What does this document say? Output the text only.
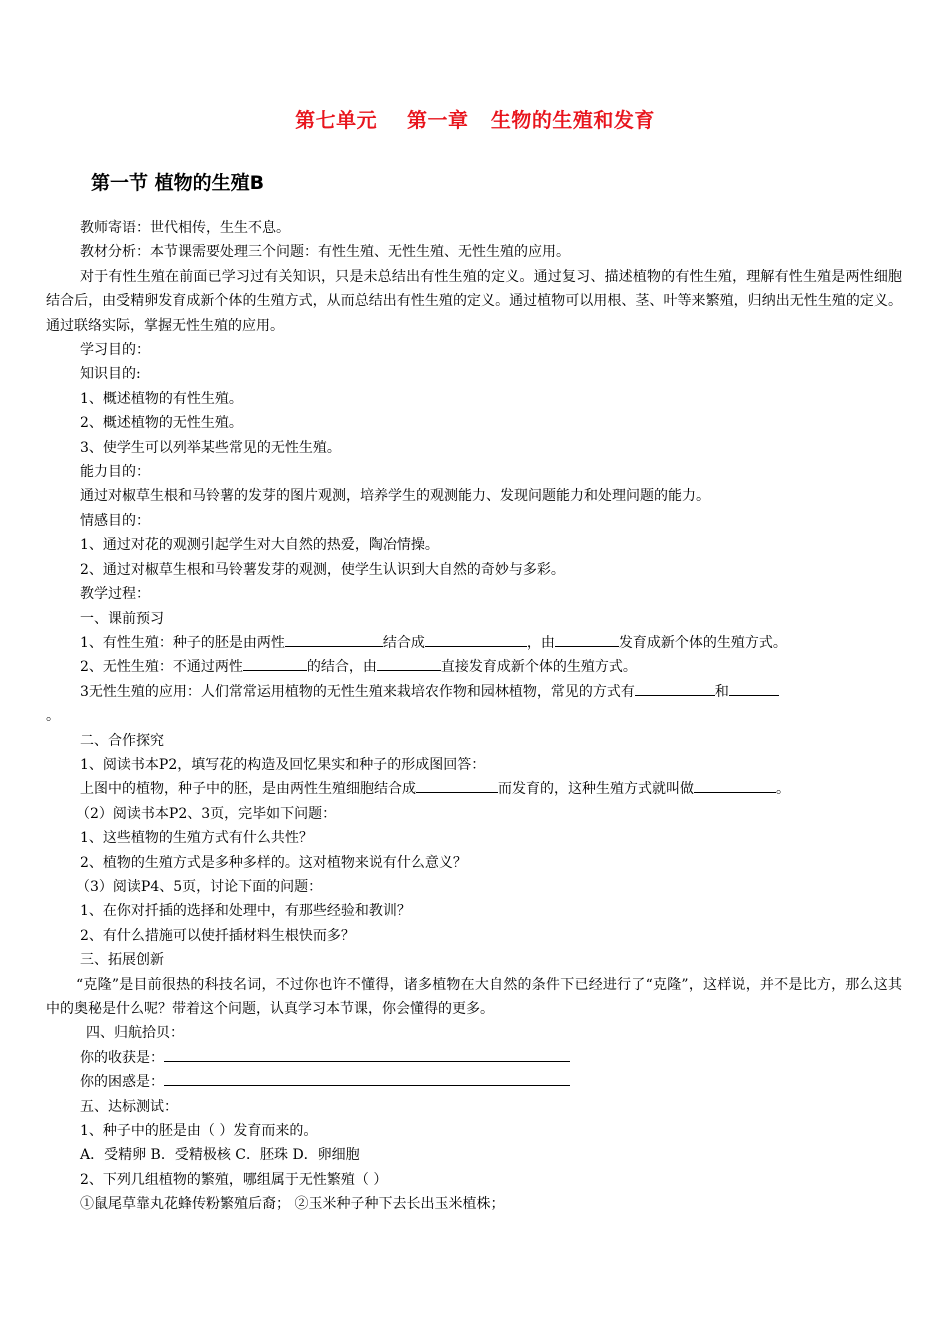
第七单元    第一章   生物的生殖和发育
第一节 植物的生殖B
教师寄语：世代相传，生生不息。
教材分析：本节课需要处理三个问题：有性生殖、无性生殖、无性生殖的应用。
对于有性生殖在前面已学习过有关知识，只是未总结出有性生殖的定义。通过复习、描述植物的有性生殖，理解有性生殖是两性细胞结合后，由受精卵发育成新个体的生殖方式，从而总结出有性生殖的定义。通过植物可以用根、茎、叶等来繁殖，归纳出无性生殖的定义。通过联络实际，掌握无性生殖的应用。
学习目的：
知识目的:
1、概述植物的有性生殖。
2、概述植物的无性生殖。
3、使学生可以列举某些常见的无性生殖。
能力目的：
通过对椒草生根和马铃薯的发芽的图片观测，培养学生的观测能力、发现问题能力和处理问题的能力。
情感目的：
1、通过对花的观测引起学生对大自然的热爱，陶冶情操。
2、通过对椒草生根和马铃薯发芽的观测，使学生认识到大自然的奇妙与多彩。
教学过程：
一、课前预习
1、有性生殖：种子的胚是由两性	结合成	，由	发育成新个体的生殖方式。
2、无性生殖：不通过两性	的结合，由	直接发育成新个体的生殖方式。
3无性生殖的应用：人们常常运用植物的无性生殖来栽培农作物和园林植物，常见的方式有	和
。
二、合作探究
1、阅读书本P2，填写花的构造及回忆果实和种子的形成图回答：
上图中的植物，种子中的胚，是由两性生殖细胞结合成	而发育的，这种生殖方式就叫做	。
（2）阅读书本P2、3页，完毕如下问题：
1、这些植物的生殖方式有什么共性？
2、植物的生殖方式是多种多样的。这对植物来说有什么意义？
（3）阅读P4、5页，讨论下面的问题：
1、在你对扦插的选择和处理中，有那些经验和教训？
2、有什么措施可以使扦插材料生根快而多？
三、拓展创新
“克隆”是目前很热的科技名词，不过你也许不懂得，诸多植物在大自然的条件下已经进行了“克隆”，这样说，并不是比方，那么这其中的奥秘是什么呢？带着这个问题，认真学习本节课，你会懂得的更多。
四、归航拾贝：
你的收获是：
你的困惑是：
五、达标测试：
1、种子中的胚是由（ ）发育而来的。
A．受精卵 B．受精极核 C．胚珠 D．卵细胞
2、下列几组植物的繁殖，哪组属于无性繁殖（ ）
①鼠尾草靠丸花蜂传粉繁殖后裔； ②玉米种子种下去长出玉米植株；
